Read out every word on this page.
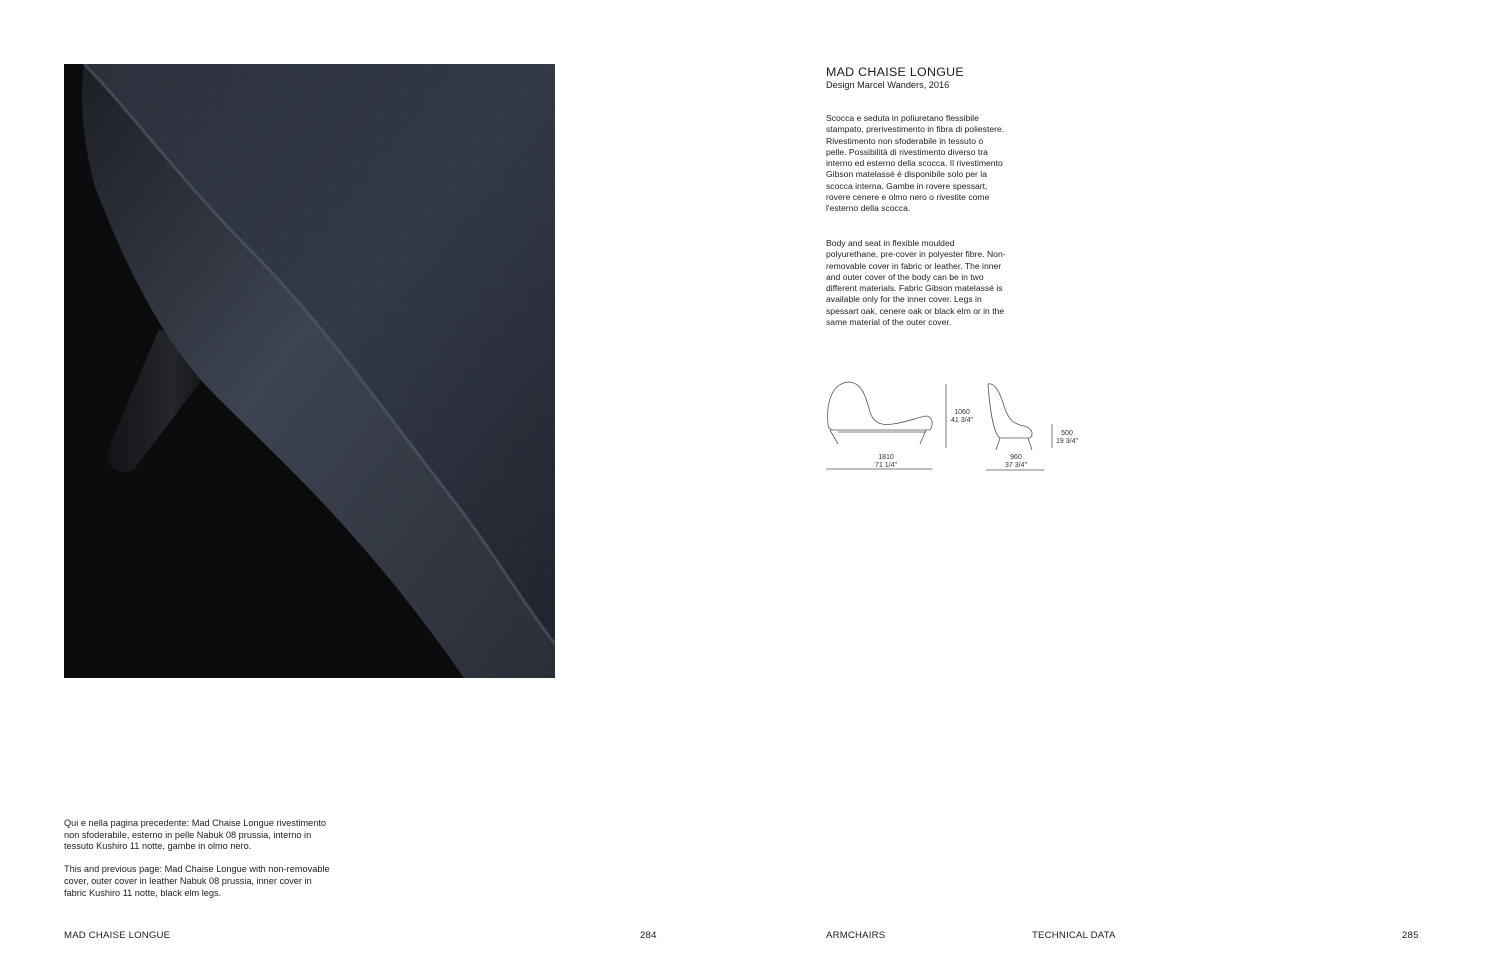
Qui e nella pagina precedente: Mad Chaise Longue rivestimento non sfoderabile, esterno in pelle Nabuk 08 prussia, interno in tessuto Kushiro 11 notte, gambe in olmo nero.

This and previous page: Mad Chaise Longue with non-removable cover, outer cover in leather Nabuk 08 prussia, inner cover in fabric Kushiro 11 notte, black elm legs.

MAD CHAISE LONGUE
Design Marcel Wanders, 2016
Scocca e seduta in poliuretano flessibile stampato, prerivestimento in fibra di poliestere. Rivestimento non sfoderabile in tessuto o pelle. Possibilità di rivestimento diverso tra interno ed esterno della scocca. Il rivestimento Gibson matelassé è disponibile solo per la scocca interna. Gambe in rovere spessart, rovere cenere e olmo nero o rivestite come l'esterno della scocca.
Body and seat in flexible moulded polyurethane, pre-cover in polyester fibre. Non-removable cover in fabric or leather. The inner and outer cover of the body can be in two different materials. Fabric Gibson matelassé is available only for the inner cover. Legs in spessart oak, cenere oak or black elm or in the same material of the outer cover.
1810
71 1/4"
1060
41 3/4"
960
37 3/4"
500
19 3/4"
MAD CHAISE LONGUE	284	ARMCHAIRS	TECHNICAL DATA	285
